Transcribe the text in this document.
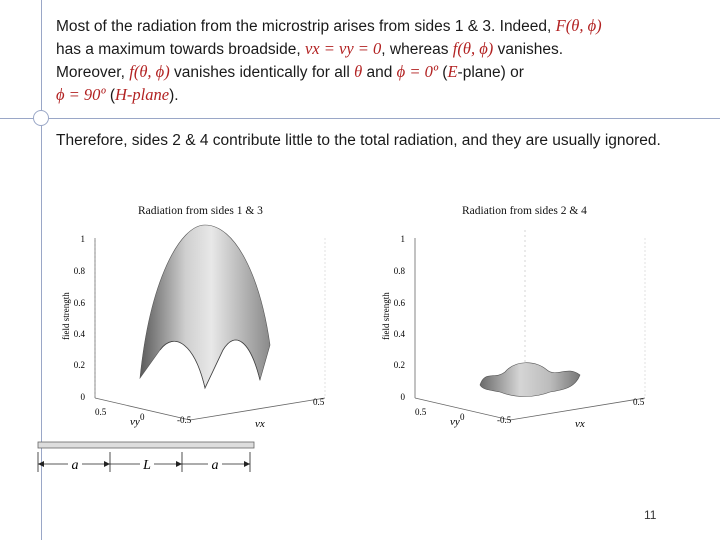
Most of the radiation from the microstrip arises from sides 1 & 3. Indeed, F(θ, ϕ)
has a maximum towards broadside, vx = vy = 0, whereas f(θ, ϕ) vanishes.
Moreover, f(θ, ϕ) vanishes identically for all θ and ϕ = 0º (E-plane) or
ϕ = 90º (H-plane).
Therefore, sides 2 & 4 contribute little to the total radiation, and they are usually ignored.
Radiation from sides 1 & 3
1
0.8
0.6
0.4
0.2
0
field strength
0.5	0	-0.5
0.5
vy	vx
Radiation from sides 2 & 4
1
0.8
0.6
0.4
0.2
0
field strength
0.5	0	-0.5
0.5
vy	vx
a	L	a
11
